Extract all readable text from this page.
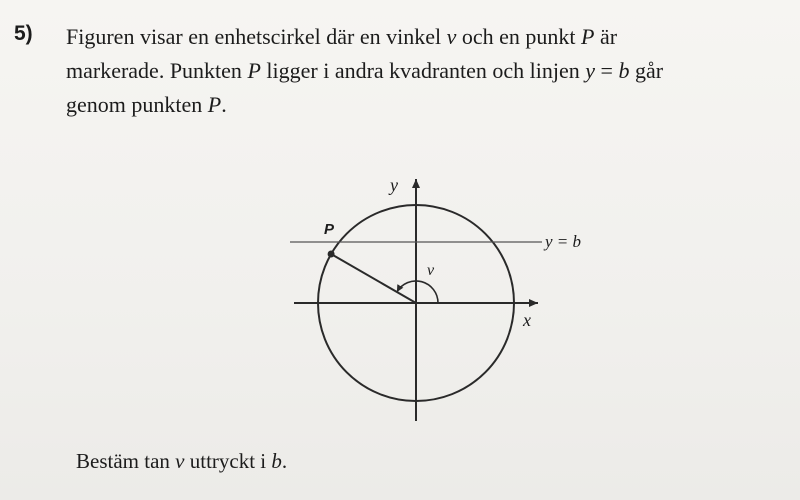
5) Figuren visar en enhetscirkel där en vinkel v och en punkt P är
markerade. Punkten P ligger i andra kvadranten och linjen y = b går
genom punkten P.
y
x
P
v
y = b
Bestäm tan v uttryckt i b.
